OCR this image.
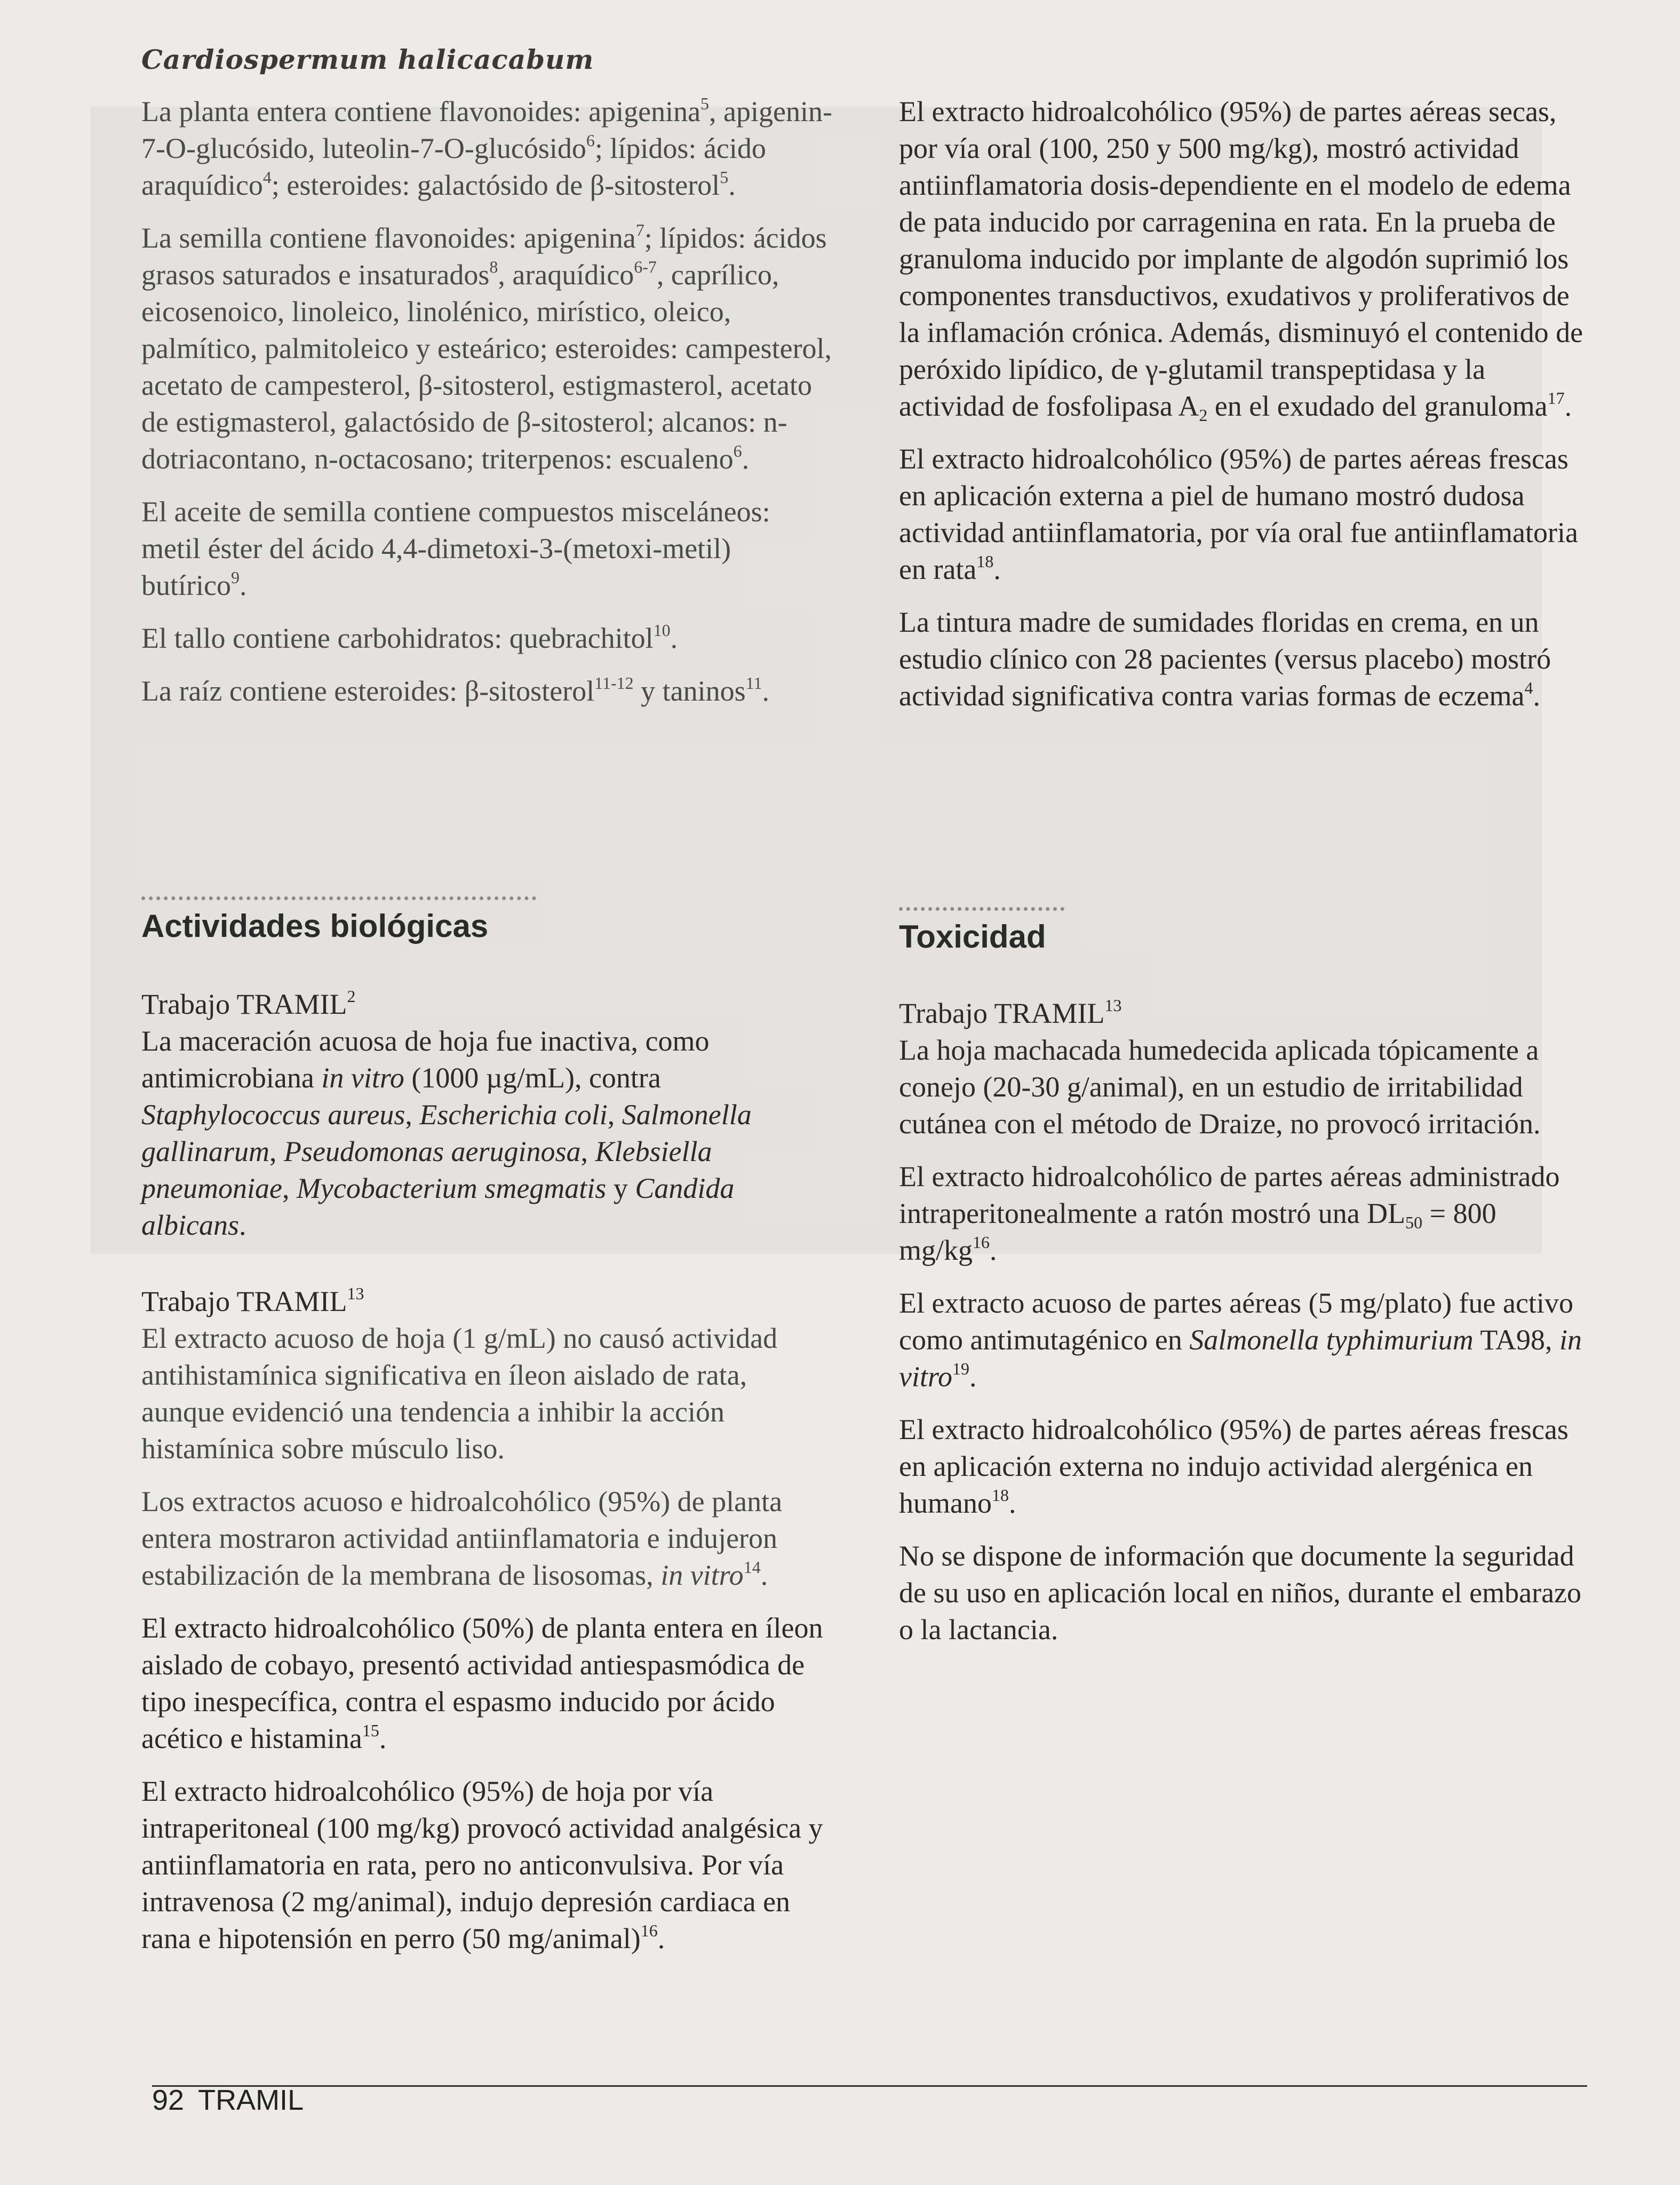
Cardiospermum halicacabum

La planta entera contiene flavonoides: apigenina$^5$, apigenin-7-O-glucósido, luteolin-7-O-glucósido$^6$; lípidos: ácido araquídico$^4$; esteroides: galactósido de β-sitosterol$^5$.

La semilla contiene flavonoides: apigenina$^7$; lípidos: ácidos grasos saturados e insaturados$^8$, araquídico$^{6-7}$, caprílico, eicosenoico, linoleico, linolénico, mirístico, oleico, palmítico, palmitoleico y esteárico; esteroides: campesterol, acetato de campesterol, β-sitosterol, estigmasterol, acetato de estigmasterol, galactósido de β-sitosterol; alcanos: n-dotriacontano, n-octacosano; triterpenos: escualeno$^6$.

El aceite de semilla contiene compuestos misceláneos: metil éster del ácido 4,4-dimetoxi-3-(metoxi-metil) butírico$^9$.

El tallo contiene carbohidratos: quebrachitol$^{10}$.

La raíz contiene esteroides: β-sitosterol$^{11-12}$ y taninos$^{11}$.

Actividades biológicas

Trabajo TRAMIL$^2$

La maceración acuosa de hoja fue inactiva, como antimicrobiana in vitro (1000 µg/mL), contra Staphylococcus aureus, Escherichia coli, Salmonella gallinarum, Pseudomonas aeruginosa, Klebsiella pneumoniae, Mycobacterium smegmatis y Candida albicans.

Trabajo TRAMIL$^{13}$

El extracto acuoso de hoja (1 g/mL) no causó actividad antihistamínica significativa en íleon aislado de rata, aunque evidenció una tendencia a inhibir la acción histamínica sobre músculo liso.

Los extractos acuoso e hidroalcohólico (95%) de planta entera mostraron actividad antiinflamatoria e indujeron estabilización de la membrana de lisosomas, in vitro$^{14}$.

El extracto hidroalcohólico (50%) de planta entera en íleon aislado de cobayo, presentó actividad antiespasmódica de tipo inespecífica, contra el espasmo inducido por ácido acético e histamina$^{15}$.

El extracto hidroalcohólico (95%) de hoja por vía intraperitoneal (100 mg/kg) provocó actividad analgésica y antiinflamatoria en rata, pero no anticonvulsiva. Por vía intravenosa (2 mg/animal), indujo depresión cardiaca en rana e hipotensión en perro (50 mg/animal)$^{16}$.

El extracto hidroalcohólico (95%) de partes aéreas secas, por vía oral (100, 250 y 500 mg/kg), mostró actividad antiinflamatoria dosis-dependiente en el modelo de edema de pata inducido por carragenina en rata. En la prueba de granuloma inducido por implante de algodón suprimió los componentes transductivos, exudativos y proliferativos de la inflamación crónica. Además, disminuyó el contenido de peróxido lipídico, de γ-glutamil transpeptidasa y la actividad de fosfolipasa $A_2$ en el exudado del granuloma$^{17}$.

El extracto hidroalcohólico (95%) de partes aéreas frescas en aplicación externa a piel de humano mostró dudosa actividad antiinflamatoria, por vía oral fue antiinflamatoria en rata$^{18}$.

La tintura madre de sumidades floridas en crema, en un estudio clínico con 28 pacientes (versus placebo) mostró actividad significativa contra varias formas de eczema$^4$.

Toxicidad

Trabajo TRAMIL$^{13}$

La hoja machacada humedecida aplicada tópicamente a conejo (20-30 g/animal), en un estudio de irritabilidad cutánea con el método de Draize, no provocó irritación.

El extracto hidroalcohólico de partes aéreas administrado intraperitonealmente a ratón mostró una $DL_{50} = 800$ $mg/kg^{16}$.

El extracto acuoso de partes aéreas (5 mg/plato) fue activo como antimutagénico en Salmonella typhimurium TA98, in vitro$^{19}$.

El extracto hidroalcohólico (95%) de partes aéreas frescas en aplicación externa no indujo actividad alergénica en humano$^{18}$.

No se dispone de información que documente la seguridad de su uso en aplicación local en niños, durante el embarazo o la lactancia.

92 TRAMIL
